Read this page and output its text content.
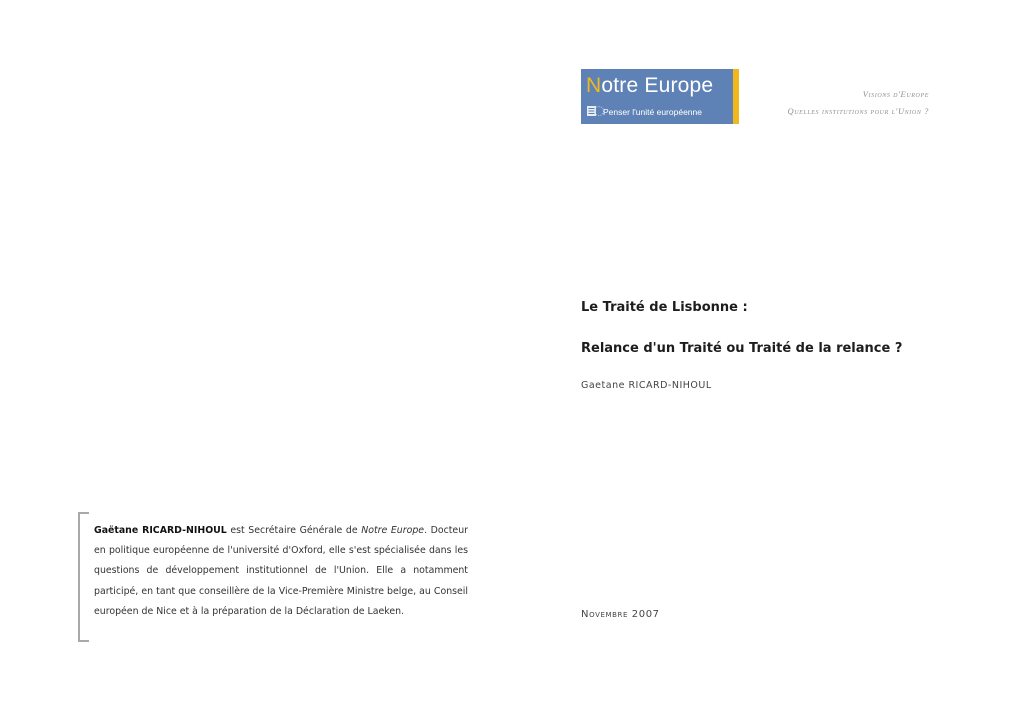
Notre Europe
Penser l'unité européenne
Visions d'Europe
Quelles institutions pour l'Union ?
Le Traité de Lisbonne :
Relance d'un Traité ou Traité de la relance ?
Gaetane RICARD-NIHOUL
Novembre 2007
Gaëtane RICARD-NIHOUL est Secrétaire Générale de Notre Europe. Docteur en politique européenne de l'université d'Oxford, elle s'est spécialisée dans les questions de développement institutionnel de l'Union. Elle a notamment participé, en tant que conseillère de la Vice-Première Ministre belge, au Conseil européen de Nice et à la préparation de la Déclaration de Laeken.
